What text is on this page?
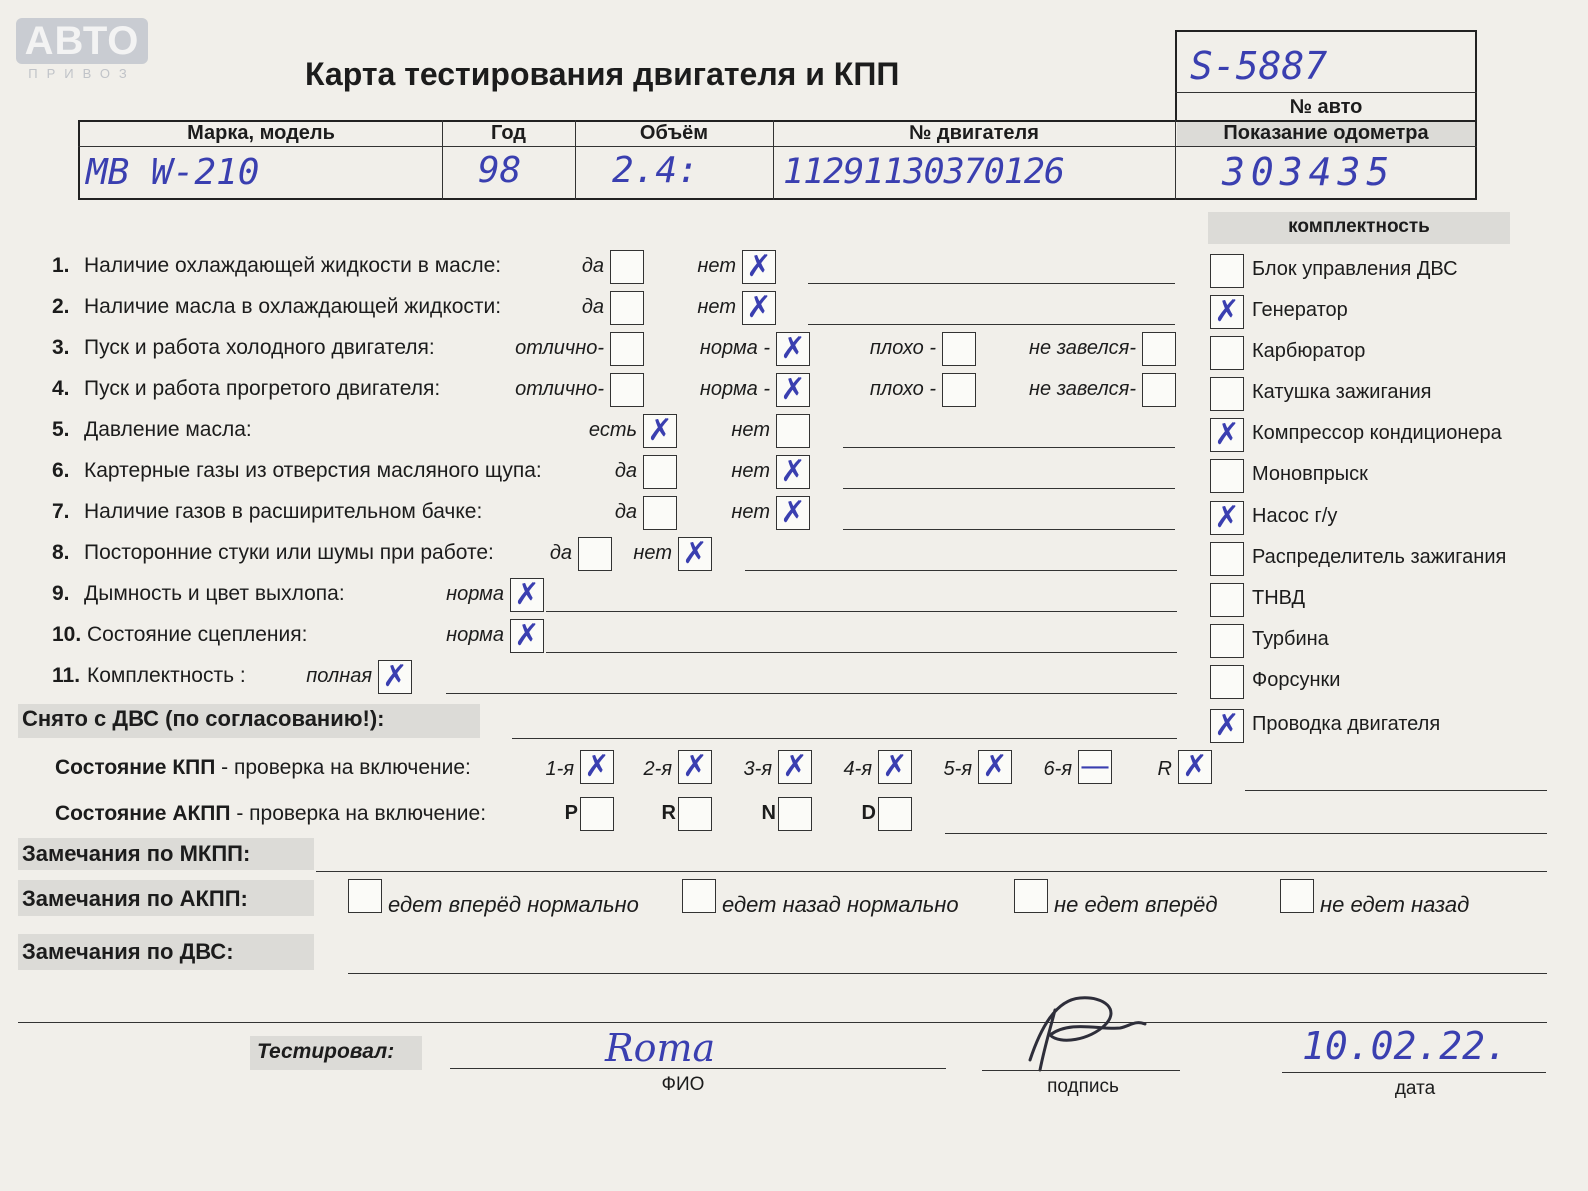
АВТО
ПРИВОЗ	Карта тестирования двигателя и КПП	S-5887
№ авто
Марка, модель	Год	Объём	№ двигателя	Показание одометра
MB W-210	98	2.4: 11291130370126	303435
комплектность
Блок управления ДВС
✗ Генератор
Карбюратор
Катушка зажигания
✗ Компрессор кондиционера
Моновпрыск
✗ Насос г/у
Распределитель зажигания
ТНВД
Турбина
Форсунки
✗ Проводка двигателя
1. Наличие охлаждающей жидкости в масле:	да	нет ✗
2. Наличие масла в охлаждающей жидкости:	да	нет ✗
3. Пуск и работа холодного двигателя:	отлично-	норма - ✗	плохо -	не завелся-
4. Пуск и работа прогретого двигателя:	отлично-	норма - ✗	плохо -	не завелся-
5. Давление масла:	есть ✗	нет
6. Картерные газы из отверстия масляного щупа:	да	нет ✗
7. Наличие газов в расширительном бачке:	да	нет ✗
8. Посторонние стуки или шумы при работе:	да	нет ✗
9. Дымность и цвет выхлопа:	норма ✗
10. Состояние сцепления:	норма ✗
11. Комплектность :	полная ✗
Снято с ДВС (по согласованию!):
Состояние КПП - проверка на включение:	1-я ✗	2-я ✗	3-я ✗	4-я ✗	5-я ✗	6-я —	R ✗
Состояние АКПП - проверка на включение:	P	R	N	D
Замечания по МКПП:
Замечания по АКПП:	едет вперёд нормально	едет назад нормально	не едет вперёд	не едет назад
Замечания по ДВС:
Тестировал:	Roma
ФИО	подпись
10.02.22.
дата
